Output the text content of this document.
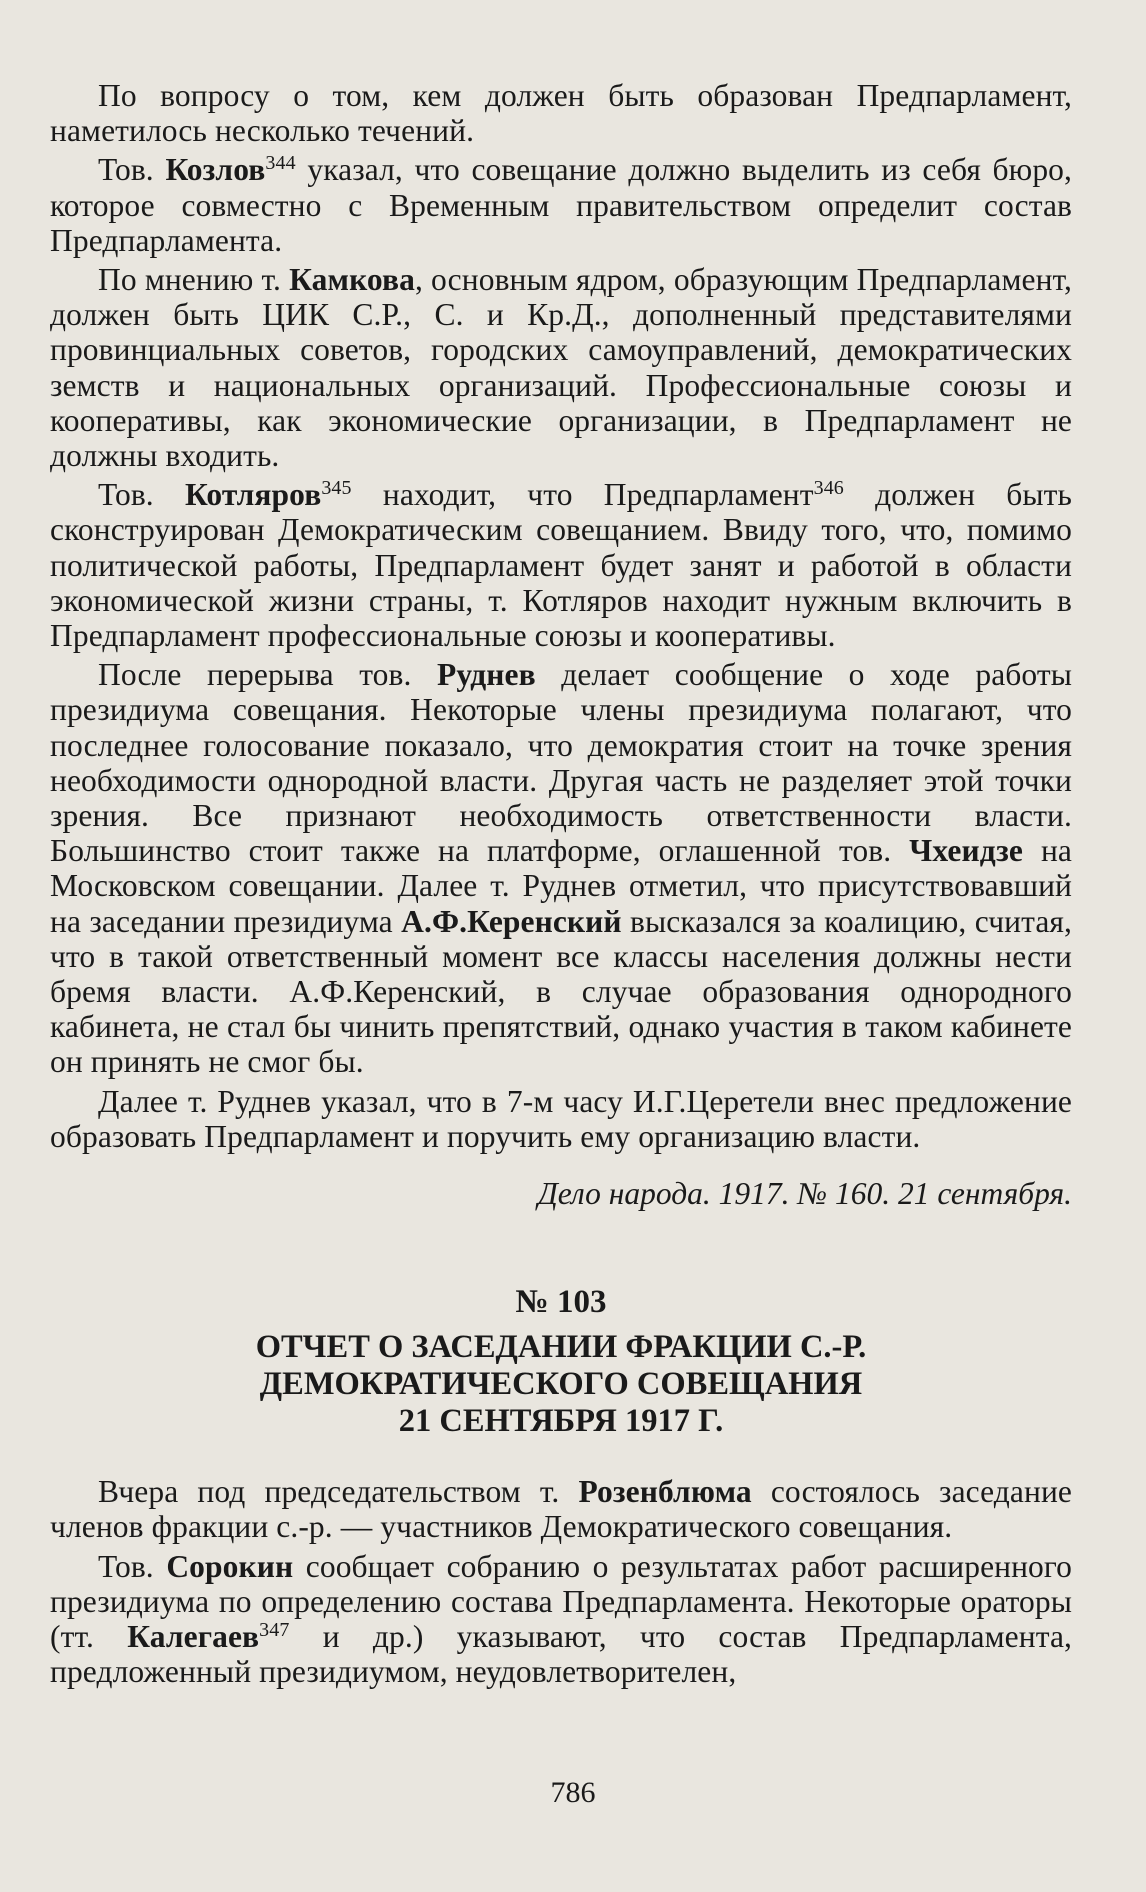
По вопросу о том, кем должен быть образован Предпарламент, наметилось несколько течений.

Тов. Козлов$^{344}$ указал, что совещание должно выделить из себя бюро, которое совместно с Временным правительством определит состав Предпарламента.

По мнению т. Камкова, основным ядром, образующим Предпарламент, должен быть ЦИК С.Р., С. и Кр.Д., дополненный представителями провинциальных советов, городских самоуправлений, демократических земств и национальных организаций. Профессиональные союзы и кооперативы, как экономические организации, в Предпарламент не должны входить.

Тов. Котляров$^{345}$ находит, что Предпарламент$^{346}$ должен быть сконструирован Демократическим совещанием. Ввиду того, что, помимо политической работы, Предпарламент будет занят и работой в области экономической жизни страны, т. Котляров находит нужным включить в Предпарламент профессиональные союзы и кооперативы.

После перерыва тов. Руднев делает сообщение о ходе работы президиума совещания. Некоторые члены президиума полагают, что последнее голосование показало, что демократия стоит на точке зрения необходимости однородной власти. Другая часть не разделяет этой точки зрения. Все признают необходимость ответственности власти. Большинство стоит также на платформе, оглашенной тов. Чхеидзе на Московском совещании. Далее т. Руднев отметил, что присутствовавший на заседании президиума А.Ф.Керенский высказался за коалицию, считая, что в такой ответственный момент все классы населения должны нести бремя власти. А.Ф.Керенский, в случае образования однородного кабинета, не стал бы чинить препятствий, однако участия в таком кабинете он принять не смог бы.

Далее т. Руднев указал, что в 7-м часу И.Г.Церетели внес предложение образовать Предпарламент и поручить ему организацию власти.

Дело народа. 1917. № 160. 21 сентября.
№ 103
ОТЧЕТ О ЗАСЕДАНИИ ФРАКЦИИ С.-Р.
ДЕМОКРАТИЧЕСКОГО СОВЕЩАНИЯ
21 СЕНТЯБРЯ 1917 Г.

Вчера под председательством т. Розенблюма состоялось заседание членов фракции с.-р. — участников Демократического совещания.

Тов. Сорокин сообщает собранию о результатах работ расширенного президиума по определению состава Предпарламента. Некоторые ораторы (тт. Калегаев$^{347}$ и др.) указывают, что состав Предпарламента, предложенный президиумом, неудовлетворителен,

786
